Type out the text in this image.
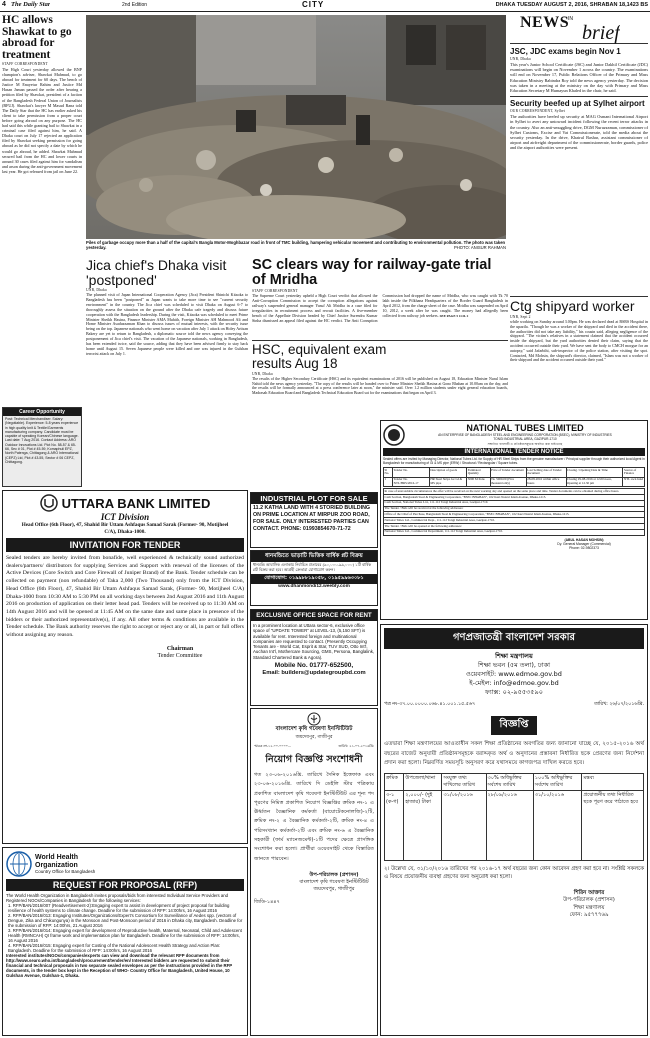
4 The Daily Star	2nd Edition	CITY	DHAKA TUESDAY AUGUST 2, 2016, SHRABAN 18,1423 BS
HC allows Shawkat to go abroad for treatment
STAFF CORRESPONDENT
The High Court yesterday allowed the BNP champion's adviser, Shawkat Mahmud, to go abroad for treatment for 60 days. The bench of Justice M Enayetur Rahim and Justice Md Hasan Jaman passed the order after hearing a petition filed by Shawkat, president of a faction of the Bangladesh Federal Union of Journalists (BFUJ). Shawkat's lawyer M Masud Rana told The Daily Star that the HC has earlier asked his client to take permission from a proper court before going abroad on any purpose. The HC had said this while granting bail to Shawkat in a criminal case filed against him, he said. A Dhaka court on July 17 rejected an application filed by Shawkat seeking permission for going abroad as he did not specify a date by which he would go abroad, he added. Shawkat Mahmud secured bail from the HC and lower courts in around 30 cases filed against him for vandalism and arson during the anti-government movement last year. He got released from jail on June 22.
Career Opportunity
Post: Technical Merchandiser. Salary: (Negotiable). Experience: 5-8 years experience in high quality knit & Textile/Garments manufacturing company. Candidate must be capable of speaking Korean/Chinese language. Last date: 7 Aug 2016. Contact Address: ARO Outdoor Innovations Ltd. Plot No. 58-57 & 65-66, Sec # 01, Plot # 45-59, Komaphuli EPZ, North Patenga, Chittagong & ARO International (CEPZ) Ltd, Plot # 43-55, Sector # 06 CEPZ, Chittagong.
Piles of garbage occupy more than a half of the capital's Bangla Motor-Moghbazar road in front of TMC building, hampering vehicular movement and contributing to environmental pollution. The photo was taken yesterday.	PHOTO: ANISUR RAHMAN
NEWS
IN
brief
JSC, JDC exams begin Nov 1
UNB, Dhaka
This year's Junior School Certificate (JSC) and Junior Dakhil Certificate (JDC) examinations will begin on November 1 across the country. The examinations will end on November 17, Public Relations Officer of the Primary and Mass Education Ministry Rabindra Roy told the news agency yesterday. The decision was taken in a meeting at the ministry on the day with Primary and Mass Education Secretary M Humayun Khaled in the chair, he said.
Security beefed up at Sylhet airport
OUR CORRESPONDENT, Sylhet
The authorities have beefed up security at MAG Osmani International Airport in Sylhet to avert any untoward incident following the recent terror attacks in the country. Also an anti-smuggling drive, DGM Nuruzzaman, commissioner of Sylhet Customs, Excise and Vat Commissionerate, told the media about the security yesterday. In the drive, Khairul Bashar, assistant commissioner of airport and airfreight department of the commissionerate, border guards, police and the airport authorities were present.
Jica chief's Dhaka visit 'postponed'
UNB, Dhaka
The planned visit of Japan International Cooperation Agency (Jica) President Shinichi Kitaoka to Bangladesh has been "postponed" as Japan wants to take more time to see "current security environment" in the country. The Jica chief was scheduled to visit Dhaka on August 6-7 to thoroughly assess the situation on the ground after the Dhaka cafe tragedy and discuss future cooperation with the Bangladesh leadership. During the visit, Kitaoka was scheduled to meet Prime Minister Sheikh Hasina, Finance Minister AMA Muhith, Foreign Minister AH Mahmood Ali and Home Minister Asaduzzaman Khan to discuss issues of mutual interests, with the security issue being on the top. Japanese nationals who went home on vacation after July 1 attack on Holey Artisan Bakery are yet to return to Bangladesh, a diplomatic source told the news agency conveying the postponement of Jica chief's visit. The vacation of the Japanese nationals, working in Bangladesh, has been extended twice, said the source, adding that they have been advised firmly to stay back home until August 15. Seven Japanese people were killed and one was injured in the Gulshan terrorist attack on July 1.
SC clears way for railway-gate trial of Mridha
STAFF CORRESPONDENT
The Supreme Court yesterday upheld a High Court verdict that allowed the Anti-Corruption Commission to accept the corruption allegations against railway's suspended general manager Yusuf Ali Mridha in a case filed for irregularities in recruitment process and recruit facilities. A five-member bench of the Appellate Division headed by Chief Justice Surendra Kumar Sinha dismissed an appeal filed against the HC verdict. The Anti Corruption Commission had dropped the name of Mridha, who was caught with Tk 70 lakh inside the Pilkhana Headquarters of the Border Guard Bangladesh in April 2012, from the charge sheet of the case. Mridha was suspended on April 10, 2012, a week after he was caught. The money had allegedly been collected from railway job seekers. SEE PAGE 5 COL 2
HSC, equivalent exam results Aug 18
UNB, Dhaka
The results of the Higher Secondary Certificate (HSC) and its equivalent examinations of 2016 will be published on August 18, Education Minister Nurul Islam Nahid told the news agency yesterday. "The copy of the results will be handed over to Prime Minister Sheikh Hasina at Gono Bhaban at 10.00am on the day, and the results will be formally announced at a press conference later at noon," the minister said. Over 1.2 million students under eight general education boards, Madrasah Education Board and Bangladesh Technical Education Board sat for the examinations that began on April 3.
Ctg shipyard worker
UNB, Sept 2
while working on Sunday around 3.00pm. He was declared dead at BSRS Hospital in the upazila. "Though he was a worker of the shipyard and died in the accident there, the authorities did not take any liability," his cousin said, alleging negligence of the shipyard. "The victim's relatives in a statement claimed that the accident occurred inside the shipyard, but the yard authorities denied their claim, saying that the accident occurred outside their yard. We have sent the body to CMCH morgue for an autopsy," said Jafarbihi, sub-inspector of the police station, after visiting the spot. Contacted, Md Mohsin, the shipyard's director, claimed, "Islam was not a worker of their shipyard and the accident occurred outside their yard."
NATIONAL TUBES LIMITED
AN ENTERPRISE OF BANGLADESH STEEL AND ENGINEERING CORPORATION (BSEC), MINISTRY OF INDUSTRIES
TONGI INDUSTRIAL AREA, GAZIPUR-1710
সম্মানিত ব্যবসায়ী ও প্রতিষ্ঠানসমূহকে অবহিত করা যাইতেছে
INTERNATIONAL TENDER NOTICE
Sealed offers are invited by Managing Director, National Tubes Ltd. for Supply of HR Steel Strips from the genuine manufacturer / Principal supplier through their authorized local Agent in Bangladesh for manufacturing of GI & MS pipe (ERW) / Structural / Rectangular / Square tubes.
Sl No.	Tender No.	Description of goods	Estimated Quantity	Price of Tender document	Last Selling date of Tender document	Closing / Opening Date & Time	Source of Finance
1	Tender No. NTL/HRS/2016-17	HR Steel Strips for GI & MS pipe	3000 M.Tons	Tk. 5000.00 (Five thousand only)	28-08-2016 within office hours	Closing 29-08-2016 at 12.00 noon, Opening at 12.30 pm	NTL own fund
In case of unavoidable circumstances the offer will be received on the next working day and opened on the same place and time. Tender documents can be obtained during office hours.
Cash Section, Bangladesh Steel & Engineering Corporation, "BSEC BHABAN", 102 Kazi Nazrul Islam Avenue, Dhaka-1215.
Cash Section, National Tubes Ltd., 111-112 Tongi Industrial Area, Gazipur-1710.
The Tender / Bids will be received at the following addresses:
Office of the Chief of Purchase, Bangladesh Steel & Engineering Corporation, "BSEC BHABAN", 102 Kazi Nazrul Islam Avenue, Dhaka-1215.
National Tubes Ltd., Commercial Dept., 111-112 Tongi Industrial Area, Gazipur-1710.
The Tender / Bids will be opened at the following addresses:
National Tubes Ltd., Commercial Department, 111-112 Tongi Industrial Area, Gazipur-1710.
(ABUL HASAN MOHSIN)
Dy. General Manager (Commercial)
Phone: 02-9802373
UTTARA BANK LIMITED
ICT Division
Head Office (6th Floor), 47, Shahid Bir Uttam Ashfaqus Samad Sarak (Former- 90, Motijheel C/A), Dhaka-1000.
INVITATION FOR TENDER
Sealed tenders are hereby invited from bonafide, well experienced & technically sound authorized dealers/partners/ distributors for supplying Services and Support with renewal of the licenses of the Active Devices (Core Switch and Core Firewall of Juniper Brand) of the Bank. Tender schedule can be collected on payment (non refundable) of Taka 2,000 (Two Thousand) only from the ICT Division, Head Office (6th Floor), 47, Shahid Bir Uttam Ashfaqus Samad Sarak, (Former- 90, Motijheel C/A) Dhaka-1000 from 10:30 AM to 5:30 PM on all working days between 2nd August 2016 and 11th August 2016 on production of application on their letter head pad. Tenders will be received up to 11:30 AM on 14th August 2016 and will be opened at 11:45 AM on the same date and same place in presence of the bidders or their authorized representative(s), if any. All other terms & conditions are available in the Tender schedule. The Bank authority reserves the right to accept or reject any or all, in part or full offers without assigning any reason.
Chairman
Tender Committee
INDUSTRIAL PLOT FOR SALE
11.2 KATHA LAND WITH 4 STORIED BUILDING ON PRIME LOCATION AT MIRPUR ZOO ROAD, FOR SALE. ONLY INTERESTED PARTIES CAN CONTACT. PHONE: 01993854670-71-72
ধানমন্ডিতে ভাড়াটি ভিত্তিক বার্ষিক প্লট বিক্রয়
ধানমন্ডি আবাসিক এলাকায় নির্বাচিত প্রতাবের (৯০,০০০-৯৯,০০০) ১টি বার্ষিক প্লট বিক্রয় করা হবে। আগ্রহী ক্রেতারা যোগাযোগ করুন।
যোগাযোগ: ০১৯৯৮৮১৯০৫৮, ০১৯৫৯৯৬৩০৮১
www.dhanmondi12.weebly.com
EXCLUSIVE OFFICE SPACE FOR RENT
In a prominent location at Uttara sector-6, exclusive office space of "UPDATE TOWER" at LEVEL-13, (5,150 SFT) is available for rent. Interested foreign and multinational companies are requested to contact. (Presently Occupying Tenants are - World Cat, Esprit & Star, TUV SUD, Otto Int'l, Auchan Int'l, Mothercare Sourcing, GMS, Persona, Banglalink, Standard Chartered Bank & Agora).
Mobile No. 01777-652500,
Email: builders@updategroupbd.com
World Health
Organization
Country Office for Bangladesh
REQUEST FOR PROPOSAL (RFP)
The World Health Organization in Bangladesh invites proposals/bids from interested Individual Service Providers and Registered NGOs/Companies in Bangladesh for the following services:
1. RFP/BAN/2016/007 (Readvertisement-2):Engaging expert to assist in development of project proposal for building resilience of health systems to climate change. Deadline for the submission of RFP: 14:00hrs, 16 August 2016
2. RFP/BAN/2016/013: Engaging Institutes/Organizations/Expert's Consortium for Surveillance of Aedes spp. (vectors of Dengue, Zika and Chikungunya) in the Monsoon and Post-Monsoon period of 2016 in Dhaka city, Bangladesh. Deadline for the submission of RFP: 14:00hrs, 21 August 2016
3. RFP/BAN/2016/014: Engaging expert for development of Reproductive health, Maternal, Neonatal, Child and Adolescent Health (RMNCAH) QI frame work and implementation plan for Bangladesh. Deadline for the submission of RFP: 14:00hrs, 16 August 2016
4. RFP/BAN/2016/015: Engaging expert for Costing of the National Adolescent Health Strategy and Action Plan: Bangladesh. Deadline for the submission of RFP: 14:00hrs, 16 August 2016
Interested institutes/NGOs/companies/experts can view and download the relevant RFP documents from http://www.searo.who.int/bangladesh/procurement/tender/en/ Interested bidders are requested to submit their financial and technical proposals in two separate sealed envelopes as per the instructions provided in the RFP documents, in the tender box kept in the Reception of WHO- Country Office for Bangladesh, United House, 10 Gulshan Avenue, Gulshan-1, Dhaka.
বাংলাদেশ কৃষি গবেষণা ইনস্টিটিউট
জয়দেবপুর, গাজীপুর
স্মারক নং-১২.০০.০০০০...	তারিখ: ২১-০৭-২০১৬খ্রি:
নিয়োগ বিজ্ঞপ্তি সংশোধনী
গত ২৩-০৬-২০১৬খ্রি. তারিখে দৈনিক ইত্তেফাক এবং ২৩-০৬-২০১৬খ্রি. তারিখে দি ডেইলি স্টার পত্রিকায় প্রকাশিত বাংলাদেশ কৃষি গবেষণা ইনস্টিটিউট এর শূন্য পদ পূরণের নিমিত্ত প্রকাশিত নিয়োগ বিজ্ঞপ্তির ক্রমিক নং-১ এ ঊর্ধ্বতন বৈজ্ঞানিক কর্মকর্তা (বায়োটেকনোলজি)-২টি, ক্রমিক নং-২ এ বৈজ্ঞানিক কর্মকর্তা-২টি, ক্রমিক নং-৪ এ পরিসংখ্যান কর্মকর্তা-২টি এবং ক্রমিক নং-৬ এ বৈজ্ঞানিক সহকারী (ফার্ম ম্যানেজমেন্ট)-১টি পদের ক্ষেত্রে প্রাসঙ্গিক সংশোধন করা হলো। প্রার্থীরা ওয়েবসাইট থেকে বিস্তারিত জানতে পারবেন।
উপ-পরিচালক (প্রশাসন)
বাংলাদেশ কৃষি গবেষণা ইনস্টিটিউট
জয়দেবপুর, গাজীপুর
জিডি-১৪৪৭
গণপ্রজাতন্ত্রী বাংলাদেশ সরকার
শিক্ষা মন্ত্রণালয়
শিক্ষা ভবন (৫ম তলা), ঢাকা
ওয়েবসাইট: www.edmoe.gov.bd
ই-মেইল: info@edmoe.gov.bd
ফ্যাক্স: ০২-৯৫৫৩৫৯০
পত্র নং-৩৭.০০.০০০০.০৬৮.৪১.০০১.১৫.৫৬৭	তারিখ: ২৬/০৭/২০১৬খ্রি.
বিজ্ঞপ্তি
এতদ্বারা শিক্ষা মন্ত্রণালয়ের আওতাধীন সকল শিক্ষা প্রতিষ্ঠানের অবগতির জন্য জানানো যাচ্ছে যে, ২০১৫-২০১৬ অর্থ বছরের বাজেট অনুযায়ী প্রতিষ্ঠানসমূহকে বরাদ্দকৃত অর্থ ও অনুদানের প্রস্তাবনা নির্ধারিত ছকে প্রেরণের জন্য নির্দেশনা প্রদান করা হলো। নিম্নবর্ণিত সময়সূচি অনুসরণ করে যথাসময়ে কাগজপত্র দাখিল করতে হবে।
ক্রমিক	উপজেলা/থানা	সংযুক্ত তথ্য দাখিলের তারিখ	৩০% অধিভুক্তির সর্বশেষ তারিখ	১০০% অধিভুক্তির সর্বশেষ তারিখ	মন্তব্য
৩-১ (ক-গ)	২,০০০/- (দুই হাজার) টাকা	৩১/০৮/২০১৬	২৮/০৯/২০১৬	৩১/১০/২০১৬	প্রয়োজনীয় তথ্য নির্ধারিত ছকে পূরণ করে পাঠাতে হবে
২। উল্লেখ্য যে, ৩১/১০/২০১৬ তারিখের পর ২০১৬-১৭ অর্থ বছরের জন্য কোন আবেদন গ্রহণ করা হবে না। সংশ্লিষ্ট সকলকে এ বিষয়ে প্রয়োজনীয় ব্যবস্থা গ্রহণের জন্য অনুরোধ করা হলো।
শিরিন আক্তার
উপ-পরিচালক (প্রশাসন)
শিক্ষা মন্ত্রণালয়
ফোন: ৯৫৭৭৭৬৯
